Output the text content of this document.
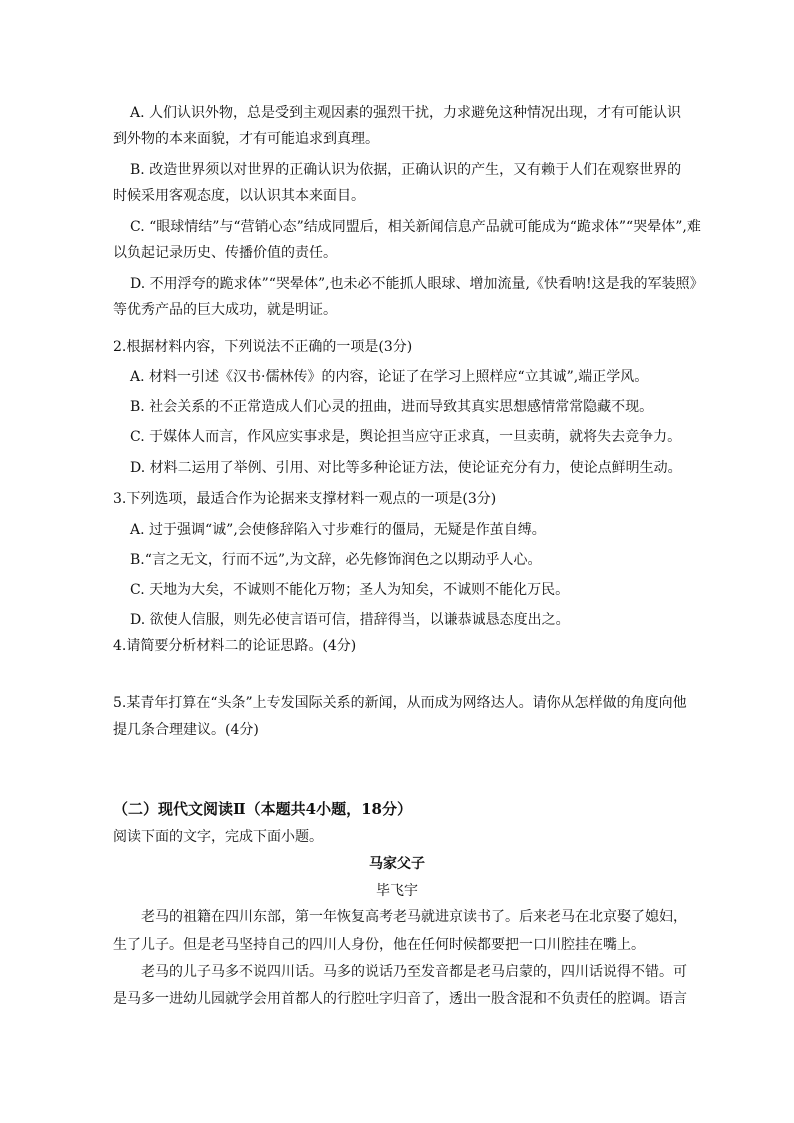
A. 人们认识外物，总是受到主观因素的强烈干扰，力求避免这种情况出现，才有可能认识
到外物的本来面貌，才有可能追求到真理。
B. 改造世界须以对世界的正确认识为依据，正确认识的产生，又有赖于人们在观察世界的
时候采用客观态度，以认识其本来面目。
C. “眼球情结”与“营销心态”结成同盟后，相关新闻信息产品就可能成为“跪求体”“哭晕体”,难
以负起记录历史、传播价值的责任。
D. 不用浮夸的跪求体”“哭晕体”,也未必不能抓人眼球、增加流量,《快看呐!这是我的军装照》
等优秀产品的巨大成功，就是明证。
2.根据材料内容，下列说法不正确的一项是(3分)
A. 材料一引述《汉书·儒林传》的内容，论证了在学习上照样应“立其诚”,端正学风。
B. 社会关系的不正常造成人们心灵的扭曲，进而导致其真实思想感情常常隐藏不现。
C. 于媒体人而言，作风应实事求是，舆论担当应守正求真，一旦卖萌，就将失去竞争力。
D. 材料二运用了举例、引用、对比等多种论证方法，使论证充分有力，使论点鲜明生动。
3.下列选项，最适合作为论据来支撑材料一观点的一项是(3分)
A. 过于强调“诚”,会使修辞陷入寸步难行的僵局，无疑是作茧自缚。
B.“言之无文，行而不远”,为文辞，必先修饰润色之以期动乎人心。
C. 天地为大矣，不诚则不能化万物；圣人为知矣，不诚则不能化万民。
D. 欲使人信服，则先必使言语可信，措辞得当，以谦恭诚恳态度出之。
4.请简要分析材料二的论证思路。(4分)
5.某青年打算在“头条”上专发国际关系的新闻，从而成为网络达人。请你从怎样做的角度向他
提几条合理建议。(4分)
（二）现代文阅读Ⅱ（本题共4小题，18分）
阅读下面的文字，完成下面小题。
马家父子
毕飞宇
老马的祖籍在四川东部，第一年恢复高考老马就进京读书了。后来老马在北京娶了媳妇，
生了儿子。但是老马坚持自己的四川人身份，他在任何时候都要把一口川腔挂在嘴上。
老马的儿子马多不说四川话。马多的说话乃至发音都是老马启蒙的，四川话说得不错。可
是马多一进幼儿园就学会用首都人的行腔吐字归音了，透出一股含混和不负责任的腔调。语言
